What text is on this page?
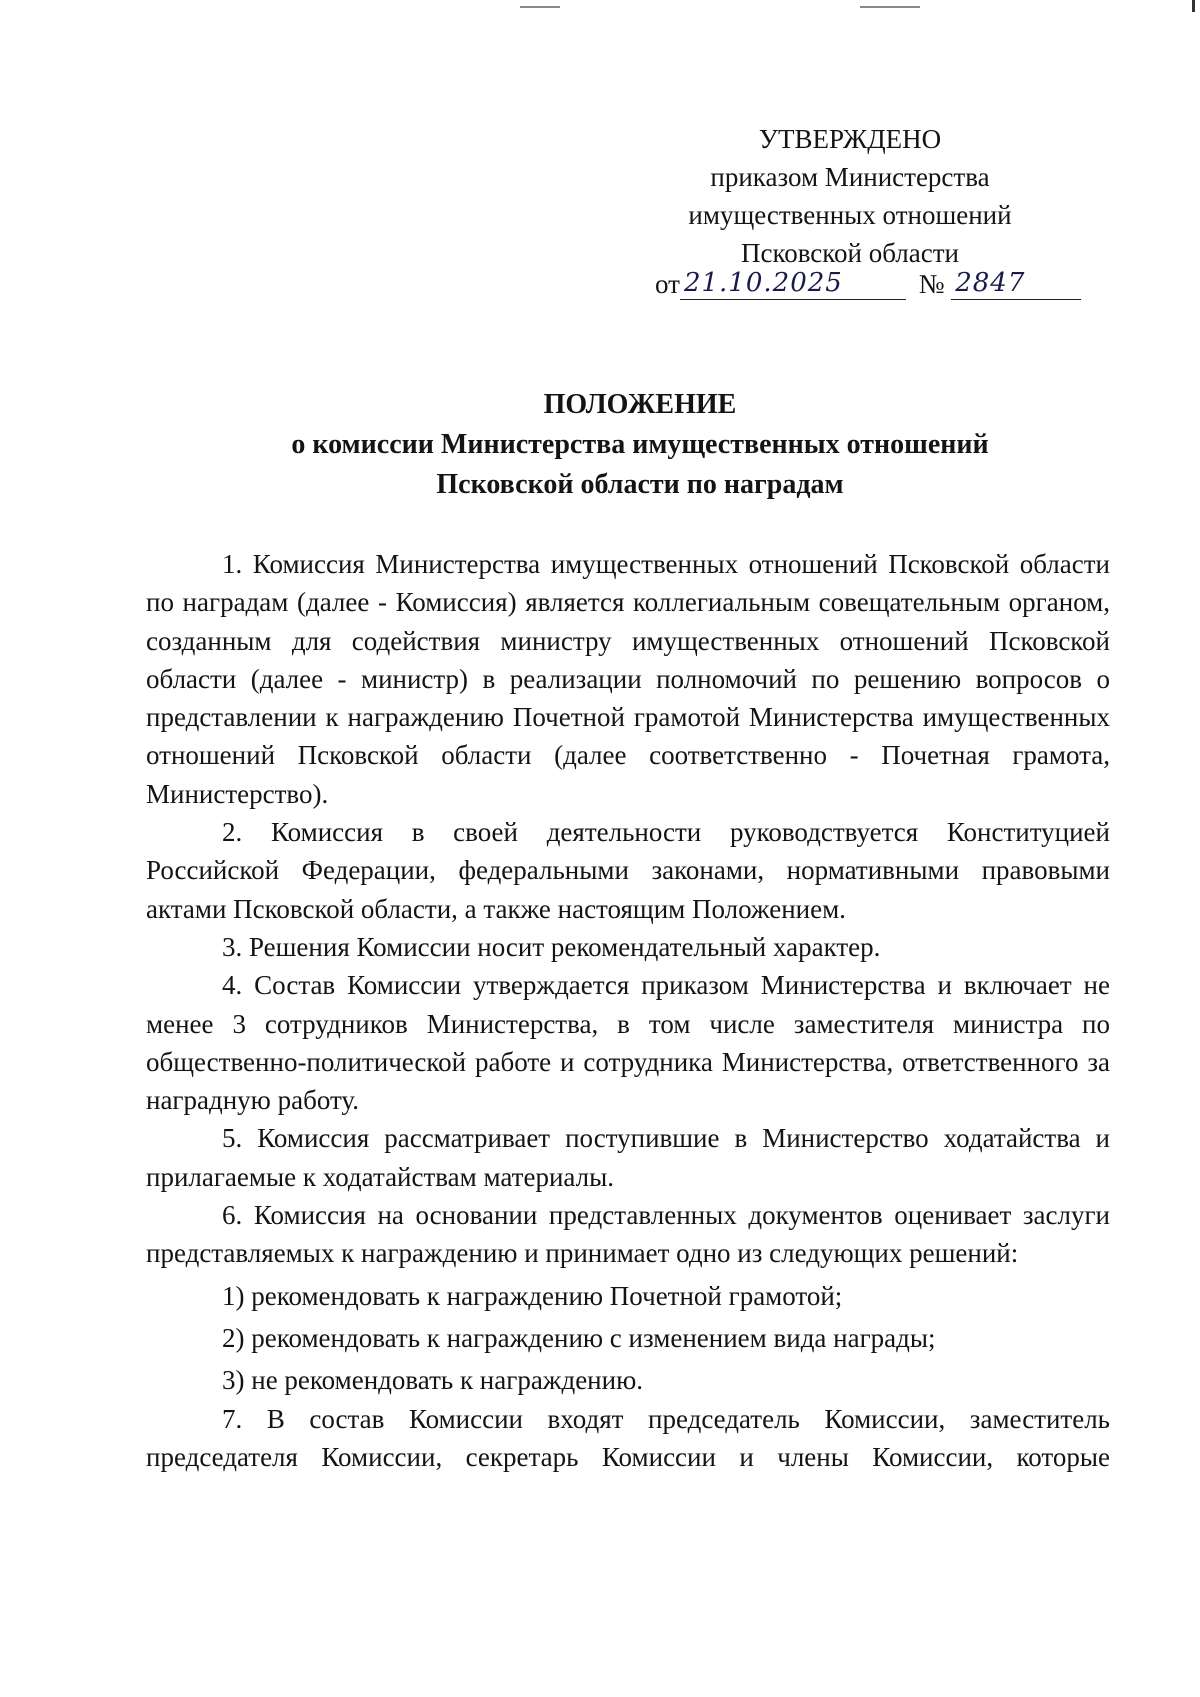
УТВЕРЖДЕНО
приказом Министерства
имущественных отношений
Псковской области
от 21.10.2025	№ 2847
ПОЛОЖЕНИЕ
о комиссии Министерства имущественных отношений
Псковской области по наградам

1. Комиссия Министерства имущественных отношений Псковской области по наградам (далее - Комиссия) является коллегиальным совещательным органом, созданным для содействия министру имущественных отношений Псковской области (далее - министр) в реализации полномочий по решению вопросов о представлении к награждению Почетной грамотой Министерства имущественных отношений Псковской области (далее соответственно - Почетная грамота, Министерство).

2. Комиссия в своей деятельности руководствуется Конституцией Российской Федерации, федеральными законами, нормативными правовыми актами Псковской области, а также настоящим Положением.

3. Решения Комиссии носит рекомендательный характер.

4. Состав Комиссии утверждается приказом Министерства и включает не менее 3 сотрудников Министерства, в том числе заместителя министра по общественно-политической работе и сотрудника Министерства, ответственного за наградную работу.

5. Комиссия рассматривает поступившие в Министерство ходатайства и прилагаемые к ходатайствам материалы.

6. Комиссия на основании представленных документов оценивает заслуги представляемых к награждению и принимает одно из следующих решений:

1) рекомендовать к награждению Почетной грамотой;

2) рекомендовать к награждению с изменением вида награды;

3) не рекомендовать к награждению.

7. В состав Комиссии входят председатель Комиссии, заместитель председателя Комиссии, секретарь Комиссии и члены Комиссии, которые
